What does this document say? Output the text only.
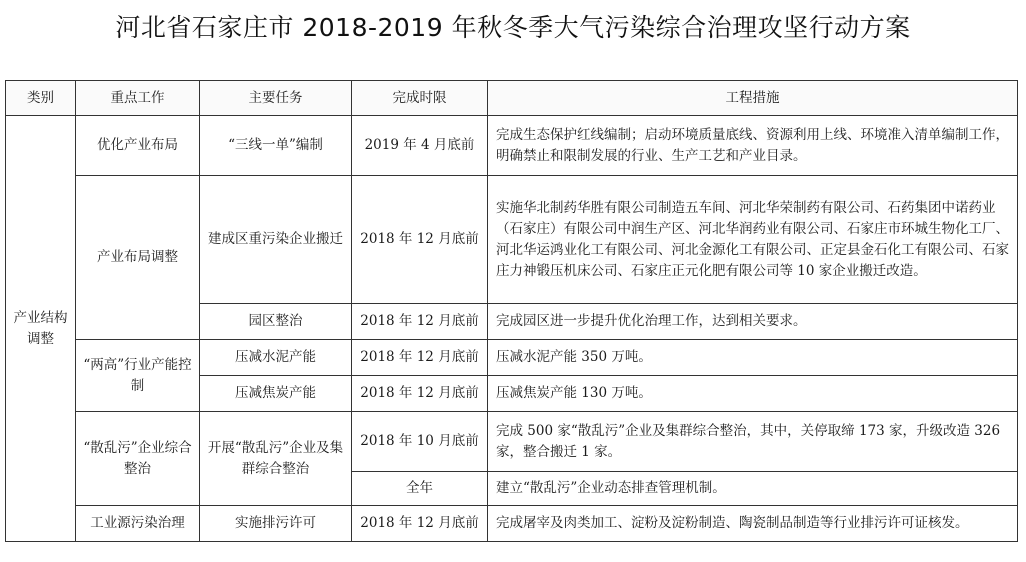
河北省石家庄市 2018-2019 年秋冬季大气污染综合治理攻坚行动方案
类别	重点工作	主要任务	完成时限	工程措施
产业结构调整	优化产业布局	“三线一单”编制	2019 年 4 月底前	完成生态保护红线编制；启动环境质量底线、资源利用上线、环境准入清单编制工作，明确禁止和限制发展的行业、生产工艺和产业目录。
	产业布局调整	建成区重污染企业搬迁	2018 年 12 月底前	实施华北制药华胜有限公司制造五车间、河北华荣制药有限公司、石药集团中诺药业（石家庄）有限公司中润生产区、河北华润药业有限公司、石家庄市环城生物化工厂、河北华运鸿业化工有限公司、河北金源化工有限公司、正定县金石化工有限公司、石家庄力神锻压机床公司、石家庄正元化肥有限公司等 10 家企业搬迁改造。
		园区整治	2018 年 12 月底前	完成园区进一步提升优化治理工作，达到相关要求。
	“两高”行业产能控制	压减水泥产能	2018 年 12 月底前	压减水泥产能 350 万吨。
		压减焦炭产能	2018 年 12 月底前	压减焦炭产能 130 万吨。
	“散乱污”企业综合整治	开展“散乱污”企业及集群综合整治	2018 年 10 月底前	完成 500 家“散乱污”企业及集群综合整治，其中，关停取缔 173 家，升级改造 326 家，整合搬迁 1 家。
			全年	建立“散乱污”企业动态排查管理机制。
	工业源污染治理	实施排污许可	2018 年 12 月底前	完成屠宰及肉类加工、淀粉及淀粉制造、陶瓷制品制造等行业排污许可证核发。
